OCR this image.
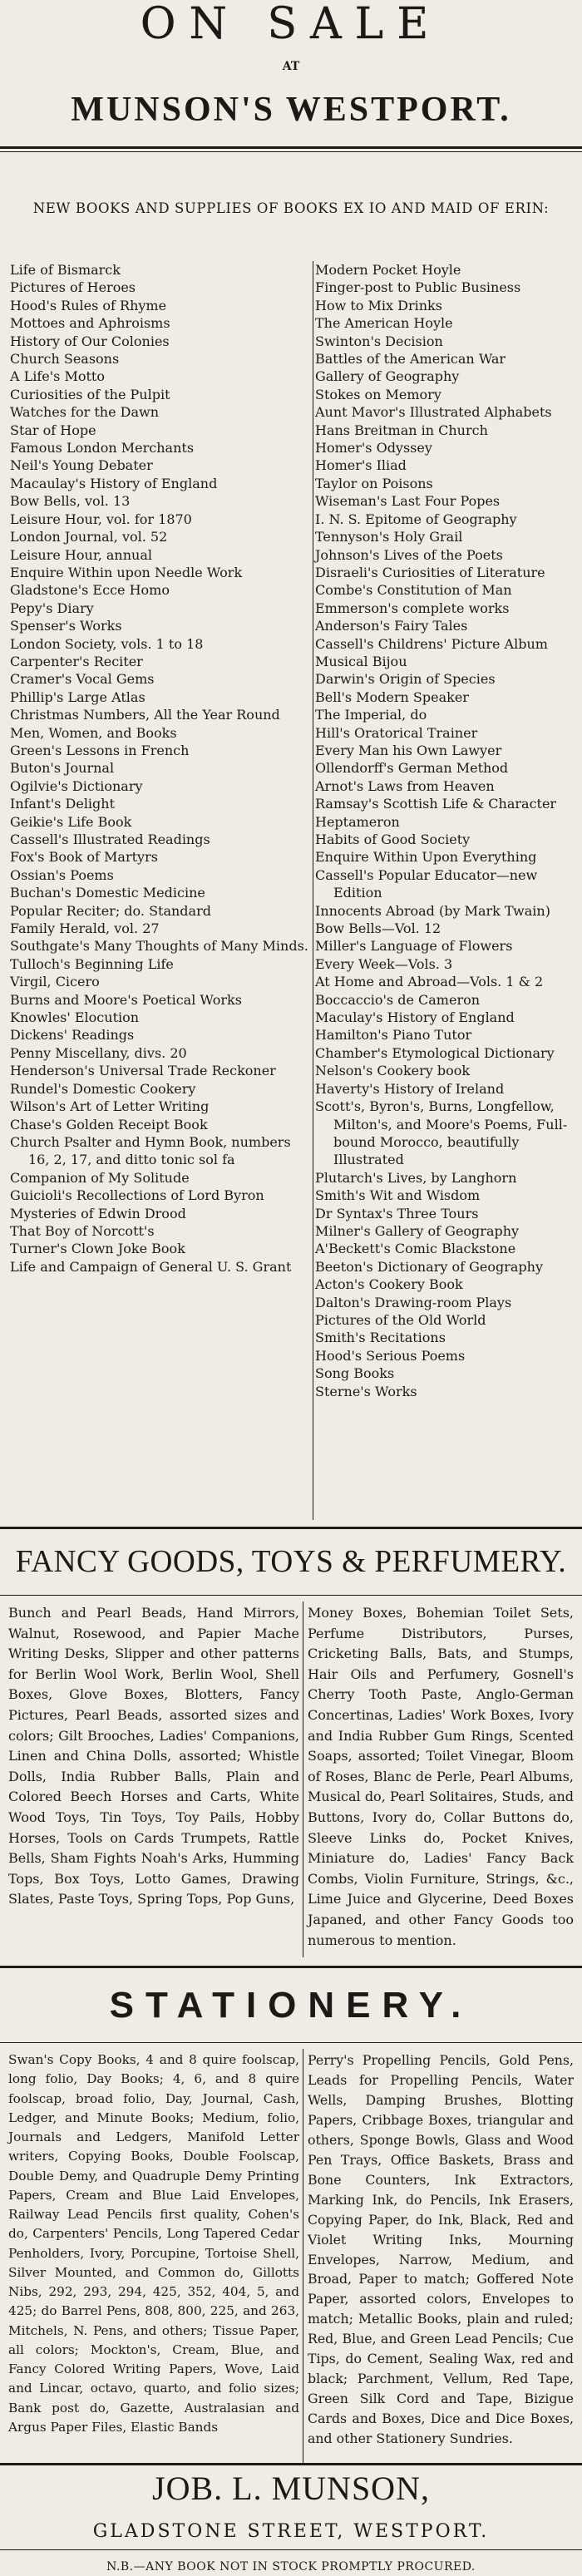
ON SALE
AT
MUNSON'S WESTPORT.
NEW BOOKS AND SUPPLIES OF BOOKS EX IO AND MAID OF ERIN:
Life of Bismarck
Pictures of Heroes
Hood's Rules of Rhyme
Mottoes and Aphroisms
History of Our Colonies
Church Seasons
A Life's Motto
Curiosities of the Pulpit
Watches for the Dawn
Star of Hope
Famous London Merchants
Neil's Young Debater
Macaulay's History of England
Bow Bells, vol. 13
Leisure Hour, vol. for 1870
London Journal, vol. 52
Leisure Hour, annual
Enquire Within upon Needle Work
Gladstone's Ecce Homo
Pepy's Diary
Spenser's Works
London Society, vols. 1 to 18
Carpenter's Reciter
Cramer's Vocal Gems
Phillip's Large Atlas
Christmas Numbers, All the Year Round
Men, Women, and Books
Green's Lessons in French
Buton's Journal
Ogilvie's Dictionary
Infant's Delight
Geikie's Life Book
Cassell's Illustrated Readings
Fox's Book of Martyrs
Ossian's Poems
Buchan's Domestic Medicine
Popular Reciter; do. Standard
Family Herald, vol. 27
Southgate's Many Thoughts of Many Minds.
Tulloch's Beginning Life
Virgil, Cicero
Burns and Moore's Poetical Works
Knowles' Elocution
Dickens' Readings
Penny Miscellany, divs. 20
Henderson's Universal Trade Reckoner
Rundel's Domestic Cookery
Wilson's Art of Letter Writing
Chase's Golden Receipt Book
Church Psalter and Hymn Book, numbers 16, 2, 17, and ditto tonic sol fa
Companion of My Solitude
Guicioli's Recollections of Lord Byron
Mysteries of Edwin Drood
That Boy of Norcott's
Turner's Clown Joke Book
Life and Campaign of General U. S. Grant
Modern Pocket Hoyle
Finger-post to Public Business
How to Mix Drinks
The American Hoyle
Swinton's Decision
Battles of the American War
Gallery of Geography
Stokes on Memory
Aunt Mavor's Illustrated Alphabets
Hans Breitman in Church
Homer's Odyssey
Homer's Iliad
Taylor on Poisons
Wiseman's Last Four Popes
I. N. S. Epitome of Geography
Tennyson's Holy Grail
Johnson's Lives of the Poets
Disraeli's Curiosities of Literature
Combe's Constitution of Man
Emmerson's complete works
Anderson's Fairy Tales
Cassell's Childrens' Picture Album
Musical Bijou
Darwin's Origin of Species
Bell's Modern Speaker
The Imperial, do
Hill's Oratorical Trainer
Every Man his Own Lawyer
Ollendorff's German Method
Arnot's Laws from Heaven
Ramsay's Scottish Life & Character
Heptameron
Habits of Good Society
Enquire Within Upon Everything
Cassell's Popular Educator—new Edition
Innocents Abroad (by Mark Twain)
Bow Bells—Vol. 12
Miller's Language of Flowers
Every Week—Vols. 3
At Home and Abroad—Vols. 1 & 2
Boccaccio's de Cameron
Maculay's History of England
Hamilton's Piano Tutor
Chamber's Etymological Dictionary
Nelson's Cookery book
Haverty's History of Ireland
Scott's, Byron's, Burns, Longfellow, Milton's, and Moore's Poems, Full-bound Morocco, beautifully Illustrated
Plutarch's Lives, by Langhorn
Smith's Wit and Wisdom
Dr Syntax's Three Tours
Milner's Gallery of Geography
A'Beckett's Comic Blackstone
Beeton's Dictionary of Geography
Acton's Cookery Book
Dalton's Drawing-room Plays
Pictures of the Old World
Smith's Recitations
Hood's Serious Poems
Song Books
Sterne's Works
FANCY GOODS, TOYS & PERFUMERY.
Bunch and Pearl Beads, Hand Mirrors, Walnut, Rosewood, and Papier Mache Writing Desks, Slipper and other patterns for Berlin Wool Work, Berlin Wool, Shell Boxes, Glove Boxes, Blotters, Fancy Pictures, Pearl Beads, assorted sizes and colors; Gilt Brooches, Ladies' Companions, Linen and China Dolls, assorted; Whistle Dolls, India Rubber Balls, Plain and Colored Beech Horses and Carts, White Wood Toys, Tin Toys, Toy Pails, Hobby Horses, Tools on Cards Trumpets, Rattle Bells, Sham Fights Noah's Arks, Humming Tops, Box Toys, Lotto Games, Drawing Slates, Paste Toys, Spring Tops, Pop Guns,
Money Boxes, Bohemian Toilet Sets, Perfume Distributors, Purses, Cricketing Balls, Bats, and Stumps, Hair Oils and Perfumery, Gosnell's Cherry Tooth Paste, Anglo-German Concertinas, Ladies' Work Boxes, Ivory and India Rubber Gum Rings, Scented Soaps, assorted; Toilet Vinegar, Bloom of Roses, Blanc de Perle, Pearl Albums, Musical do, Pearl Solitaires, Studs, and Buttons, Ivory do, Collar Buttons do, Sleeve Links do, Pocket Knives, Miniature do, Ladies' Fancy Back Combs, Violin Furniture, Strings, &c., Lime Juice and Glycerine, Deed Boxes Japaned, and other Fancy Goods too numerous to mention.
STATIONERY.
Swan's Copy Books, 4 and 8 quire foolscap, long folio, Day Books; 4, 6, and 8 quire foolscap, broad folio, Day, Journal, Cash, Ledger, and Minute Books; Medium, folio, Journals and Ledgers, Manifold Letter writers, Copying Books, Double Foolscap, Double Demy, and Quadruple Demy Printing Papers, Cream and Blue Laid Envelopes, Railway Lead Pencils first quality, Cohen's do, Carpenters' Pencils, Long Tapered Cedar Penholders, Ivory, Porcupine, Tortoise Shell, Silver Mounted, and Common do, Gillotts Nibs, 292, 293, 294, 425, 352, 404, 5, and 425; do Barrel Pens, 808, 800, 225, and 263, Mitchels, N. Pens, and others; Tissue Paper, all colors; Mockton's, Cream, Blue, and Fancy Colored Writing Papers, Wove, Laid and Lincar, octavo, quarto, and folio sizes; Bank post do, Gazette, Australasian and Argus Paper Files, Elastic Bands
Perry's Propelling Pencils, Gold Pens, Leads for Propelling Pencils, Water Wells, Damping Brushes, Blotting Papers, Cribbage Boxes, triangular and others, Sponge Bowls, Glass and Wood Pen Trays, Office Baskets, Brass and Bone Counters, Ink Extractors, Marking Ink, do Pencils, Ink Erasers, Copying Paper, do Ink, Black, Red and Violet Writing Inks, Mourning Envelopes, Narrow, Medium, and Broad, Paper to match; Goffered Note Paper, assorted colors, Envelopes to match; Metallic Books, plain and ruled; Red, Blue, and Green Lead Pencils; Cue Tips, do Cement, Sealing Wax, red and black; Parchment, Vellum, Red Tape, Green Silk Cord and Tape, Bizigue Cards and Boxes, Dice and Dice Boxes, and other Stationery Sundries.
JOB. L. MUNSON,
GLADSTONE STREET, WESTPORT.
N.B.—ANY BOOK NOT IN STOCK PROMPTLY PROCURED.
